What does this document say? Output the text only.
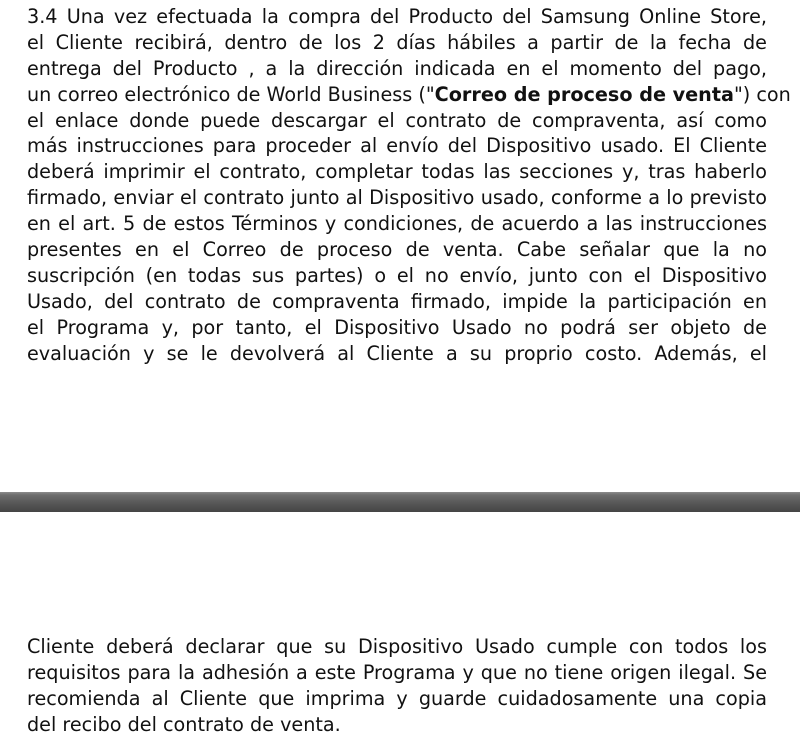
3.4 Una vez efectuada la compra del Producto del Samsung Online Store,
el Cliente recibirá, dentro de los 2 días hábiles a partir de la fecha de
entrega del Producto , a la dirección indicada en el momento del pago,
un correo electrónico de World Business ("Correo de proceso de venta") con
el enlace donde puede descargar el contrato de compraventa, así como
más instrucciones para proceder al envío del Dispositivo usado. El Cliente
deberá imprimir el contrato, completar todas las secciones y, tras haberlo
firmado, enviar el contrato junto al Dispositivo usado, conforme a lo previsto
en el art. 5 de estos Términos y condiciones, de acuerdo a las instrucciones
presentes en el Correo de proceso de venta. Cabe señalar que la no
suscripción (en todas sus partes) o el no envío, junto con el Dispositivo
Usado, del contrato de compraventa firmado, impide la participación en
el Programa y, por tanto, el Dispositivo Usado no podrá ser objeto de
evaluación y se le devolverá al Cliente a su proprio costo. Además, el

Cliente deberá declarar que su Dispositivo Usado cumple con todos los
requisitos para la adhesión a este Programa y que no tiene origen ilegal. Se
recomienda al Cliente que imprima y guarde cuidadosamente una copia
del recibo del contrato de venta.
